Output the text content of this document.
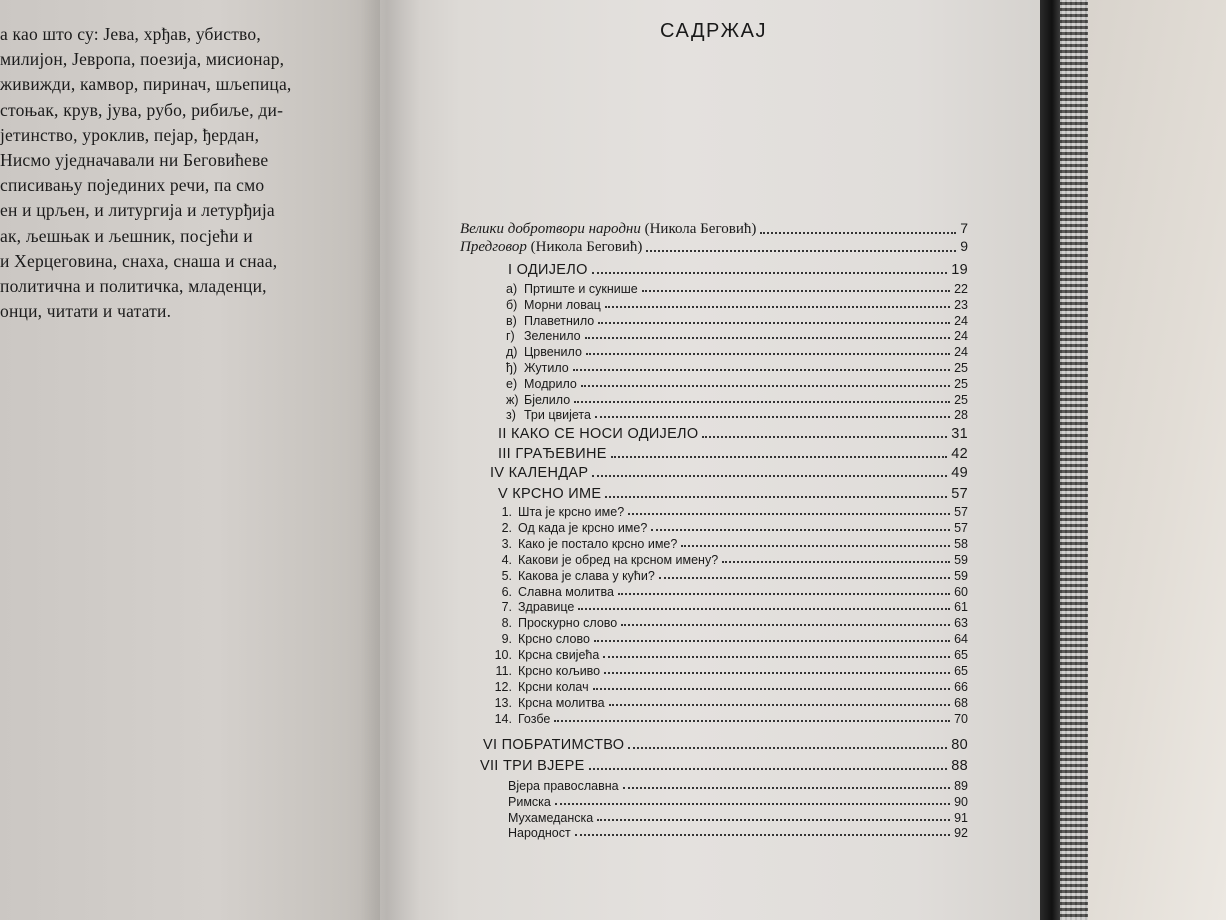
а као што су: Јева, хрђав, убиство,
милијон, Јевропа, поезија, мисионар,
живижди, камвор, пиринач, шљепица,
стоњак, крув, јува, рубо, рибиље, ди-
јетинство, уроклив, пејар, ђердан,
Нисмо уједначавали ни Беговићеве
списивању појединих речи, па смо
ен и црљен, и литургија и летурђија
ак, љешњак и љешник, посјећи и
и Херцеговина, снаха, снаша и снаа,
политична и политичка, младенци,
онци, читати и чатати.
САДРЖАЈ
Велики добротвори народни (Никола Беговић)	7
Предговор (Никола Беговић)	9
I ОДИЈЕЛО	19
а) Пртиште и сукнише	22
б) Морни ловац	23
в) Плаветнило	24
г) Зеленило	24
д) Црвенило	24
ђ) Жутило	25
е) Модрило	25
ж) Бјелило	25
з) Три цвијета	28
II КАКО СЕ НОСИ ОДИЈЕЛО	31
III ГРАЂЕВИНЕ	42
IV КАЛЕНДАР	49
V КРСНО ИМЕ	57
1. Шта је крсно име?	57
2. Од када је крсно име?	57
3. Како је постало крсно име?	58
4. Какови је обред на крсном имену?	59
5. Какова је слава у кући?	59
6. Славна молитва	60
7. Здравице	61
8. Проскурно слово	63
9. Крсно слово	64
10. Крсна свијећа	65
11. Крсно кољиво	65
12. Крсни колач	66
13. Крсна молитва	68
14. Гозбе	70
VI ПОБРАТИМСТВО	80
VII ТРИ ВЈЕРЕ	88
Вјера православна	89
Римска	90
Мухамеданска	91
Народност	92
